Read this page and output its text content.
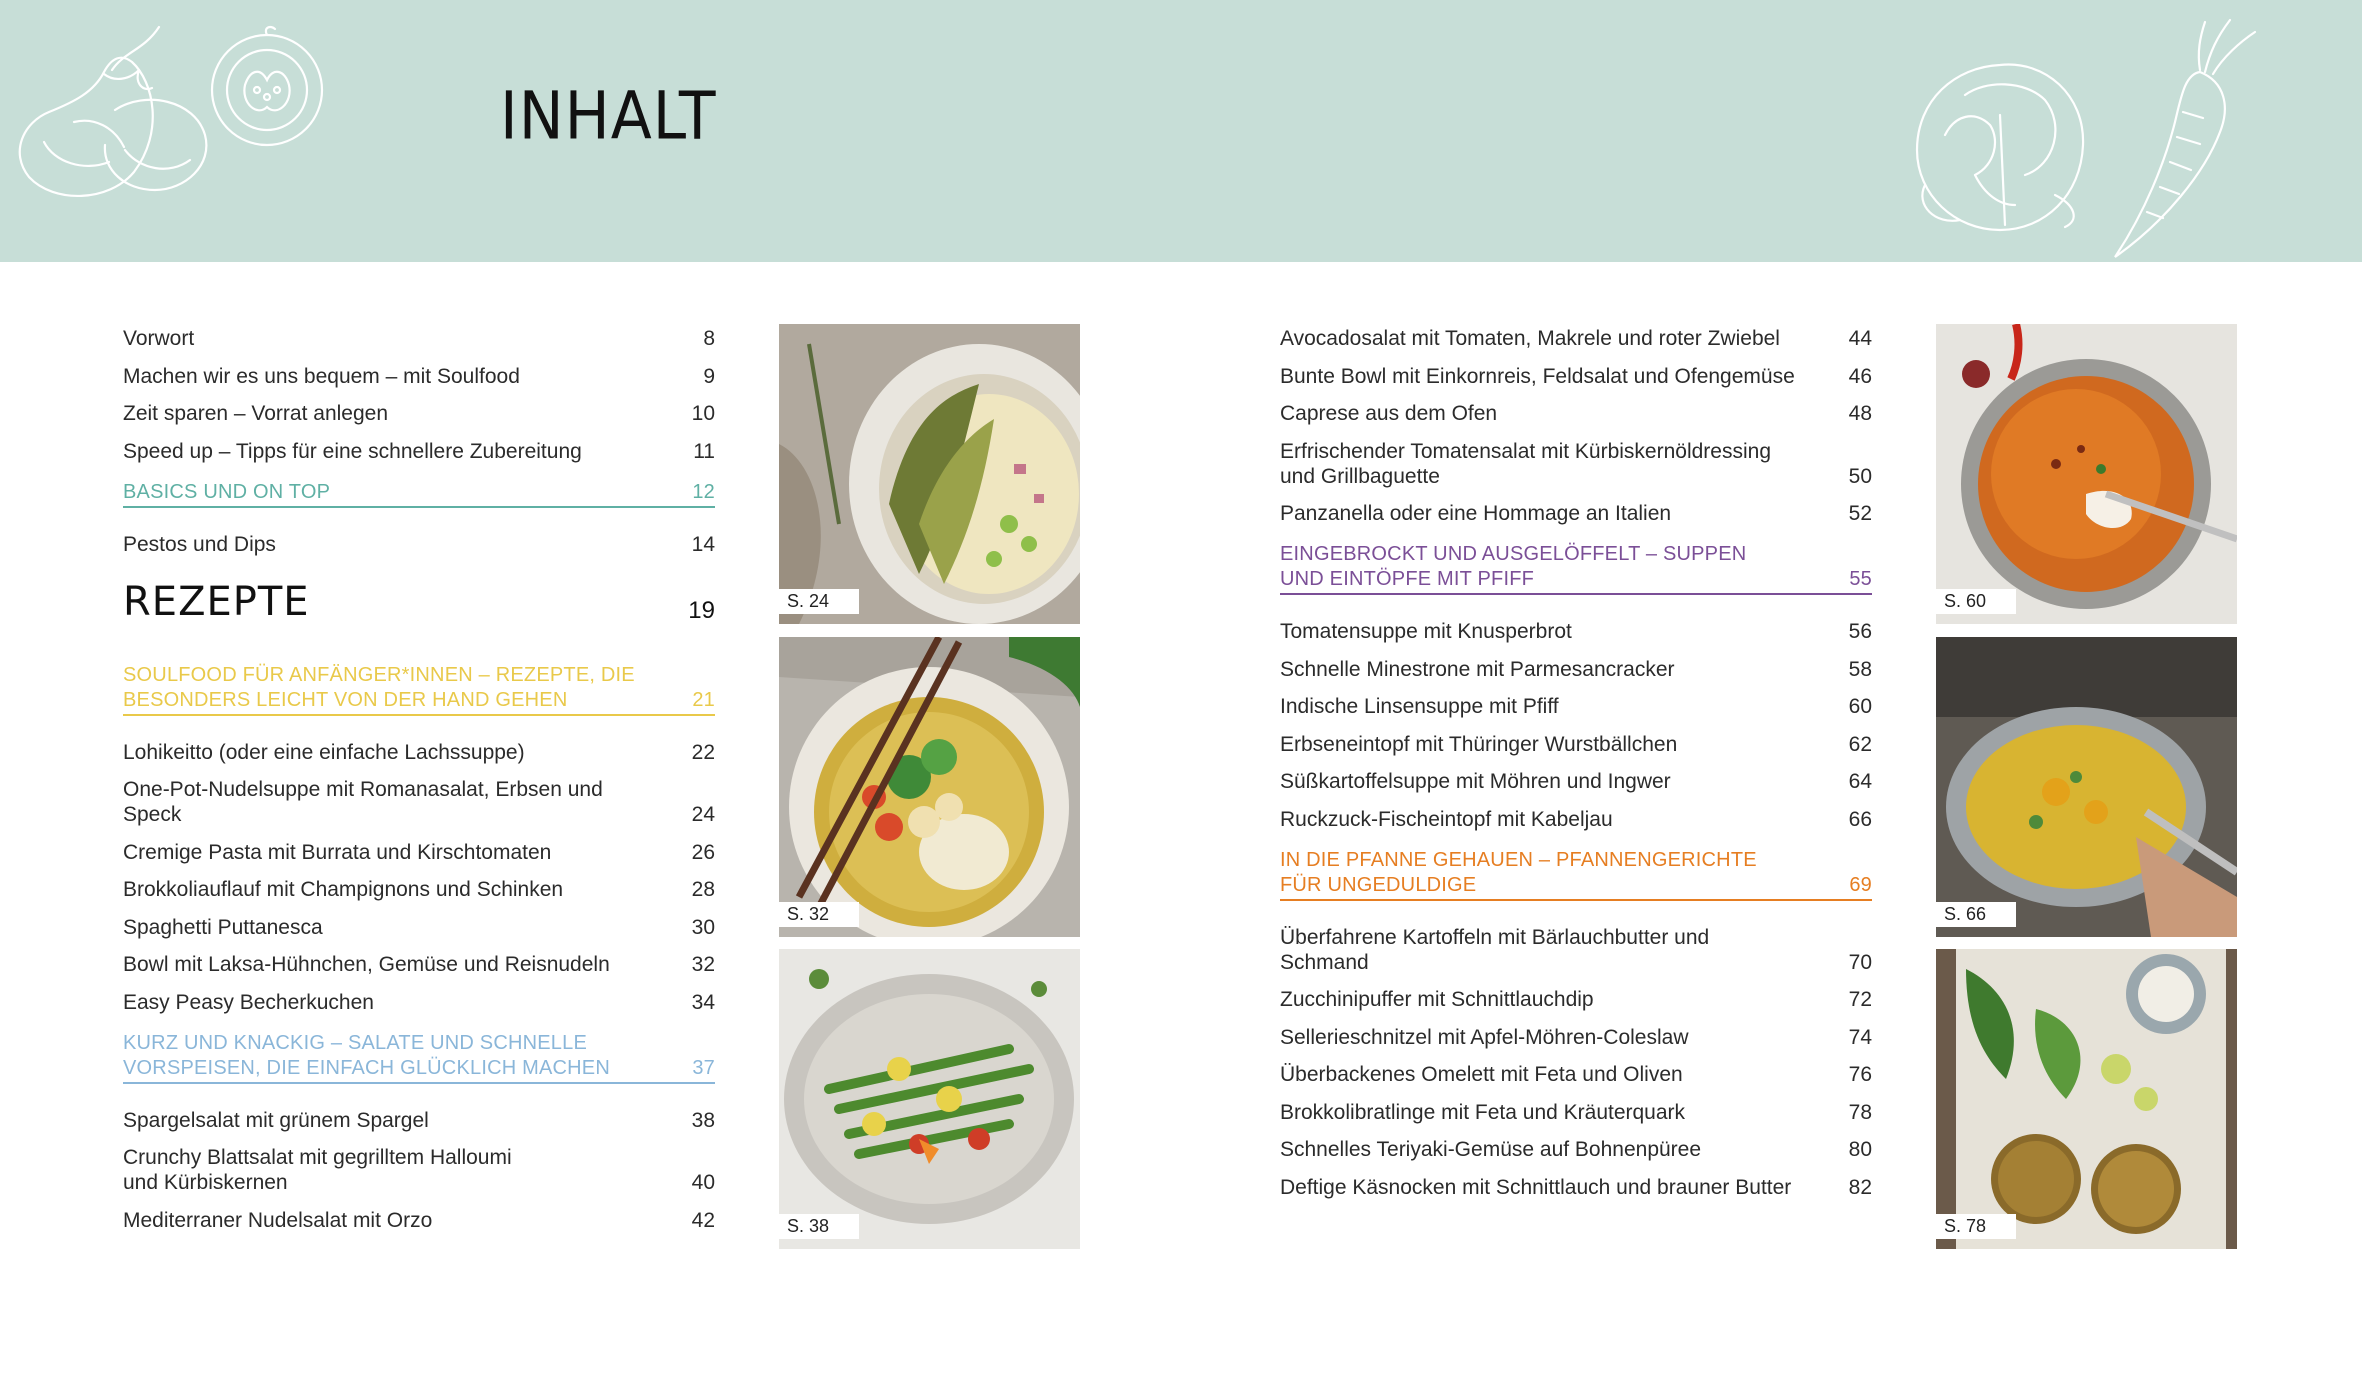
INHALT
Vorwort	8
Machen wir es uns bequem – mit Soulfood	9
Zeit sparen – Vorrat anlegen	10
Speed up – Tipps für eine schnellere Zubereitung	11
BASICS UND ON TOP	12
Pestos und Dips	14
REZEPTE	19
SOULFOOD FÜR ANFÄNGER*INNEN – REZEPTE, DIE
BESONDERS LEICHT VON DER HAND GEHEN	21
Lohikeitto (oder eine einfache Lachssuppe)	22
One-Pot-Nudelsuppe mit Romanasalat, Erbsen und Speck	24
Cremige Pasta mit Burrata und Kirschtomaten	26
Brokkoliauflauf mit Champignons und Schinken	28
Spaghetti Puttanesca	30
Bowl mit Laksa-Hühnchen, Gemüse und Reisnudeln	32
Easy Peasy Becherkuchen	34
KURZ UND KNACKIG – SALATE UND SCHNELLE
VORSPEISEN, DIE EINFACH GLÜCKLICH MACHEN	37
Spargelsalat mit grünem Spargel	38
Crunchy Blattsalat mit gegrilltem Halloumi
und Kürbiskernen	40
Mediterraner Nudelsalat mit Orzo	42
Avocadosalat mit Tomaten, Makrele und roter Zwiebel	44
Bunte Bowl mit Einkornreis, Feldsalat und Ofengemüse	46
Caprese aus dem Ofen	48
Erfrischender Tomatensalat mit Kürbiskernöldressing
und Grillbaguette	50
Panzanella oder eine Hommage an Italien	52
EINGEBROCKT UND AUSGELÖFFELT – SUPPEN
UND EINTÖPFE MIT PFIFF	55
Tomatensuppe mit Knusperbrot	56
Schnelle Minestrone mit Parmesancracker	58
Indische Linsensuppe mit Pfiff	60
Erbseneintopf mit Thüringer Wurstbällchen	62
Süßkartoffelsuppe mit Möhren und Ingwer	64
Ruckzuck-Fischeintopf mit Kabeljau	66
IN DIE PFANNE GEHAUEN – PFANNENGERICHTE
FÜR UNGEDULDIGE	69
Überfahrene Kartoffeln mit Bärlauchbutter und Schmand	70
Zucchinipuffer mit Schnittlauchdip	72
Sellerieschnitzel mit Apfel-Möhren-Coleslaw	74
Überbackenes Omelett mit Feta und Oliven	76
Brokkolibratlinge mit Feta und Kräuterquark	78
Schnelles Teriyaki-Gemüse auf Bohnenpüree	80
Deftige Käsnocken mit Schnittlauch und brauner Butter	82
S. 24
S. 32
S. 38
S. 60
S. 66
S. 78
